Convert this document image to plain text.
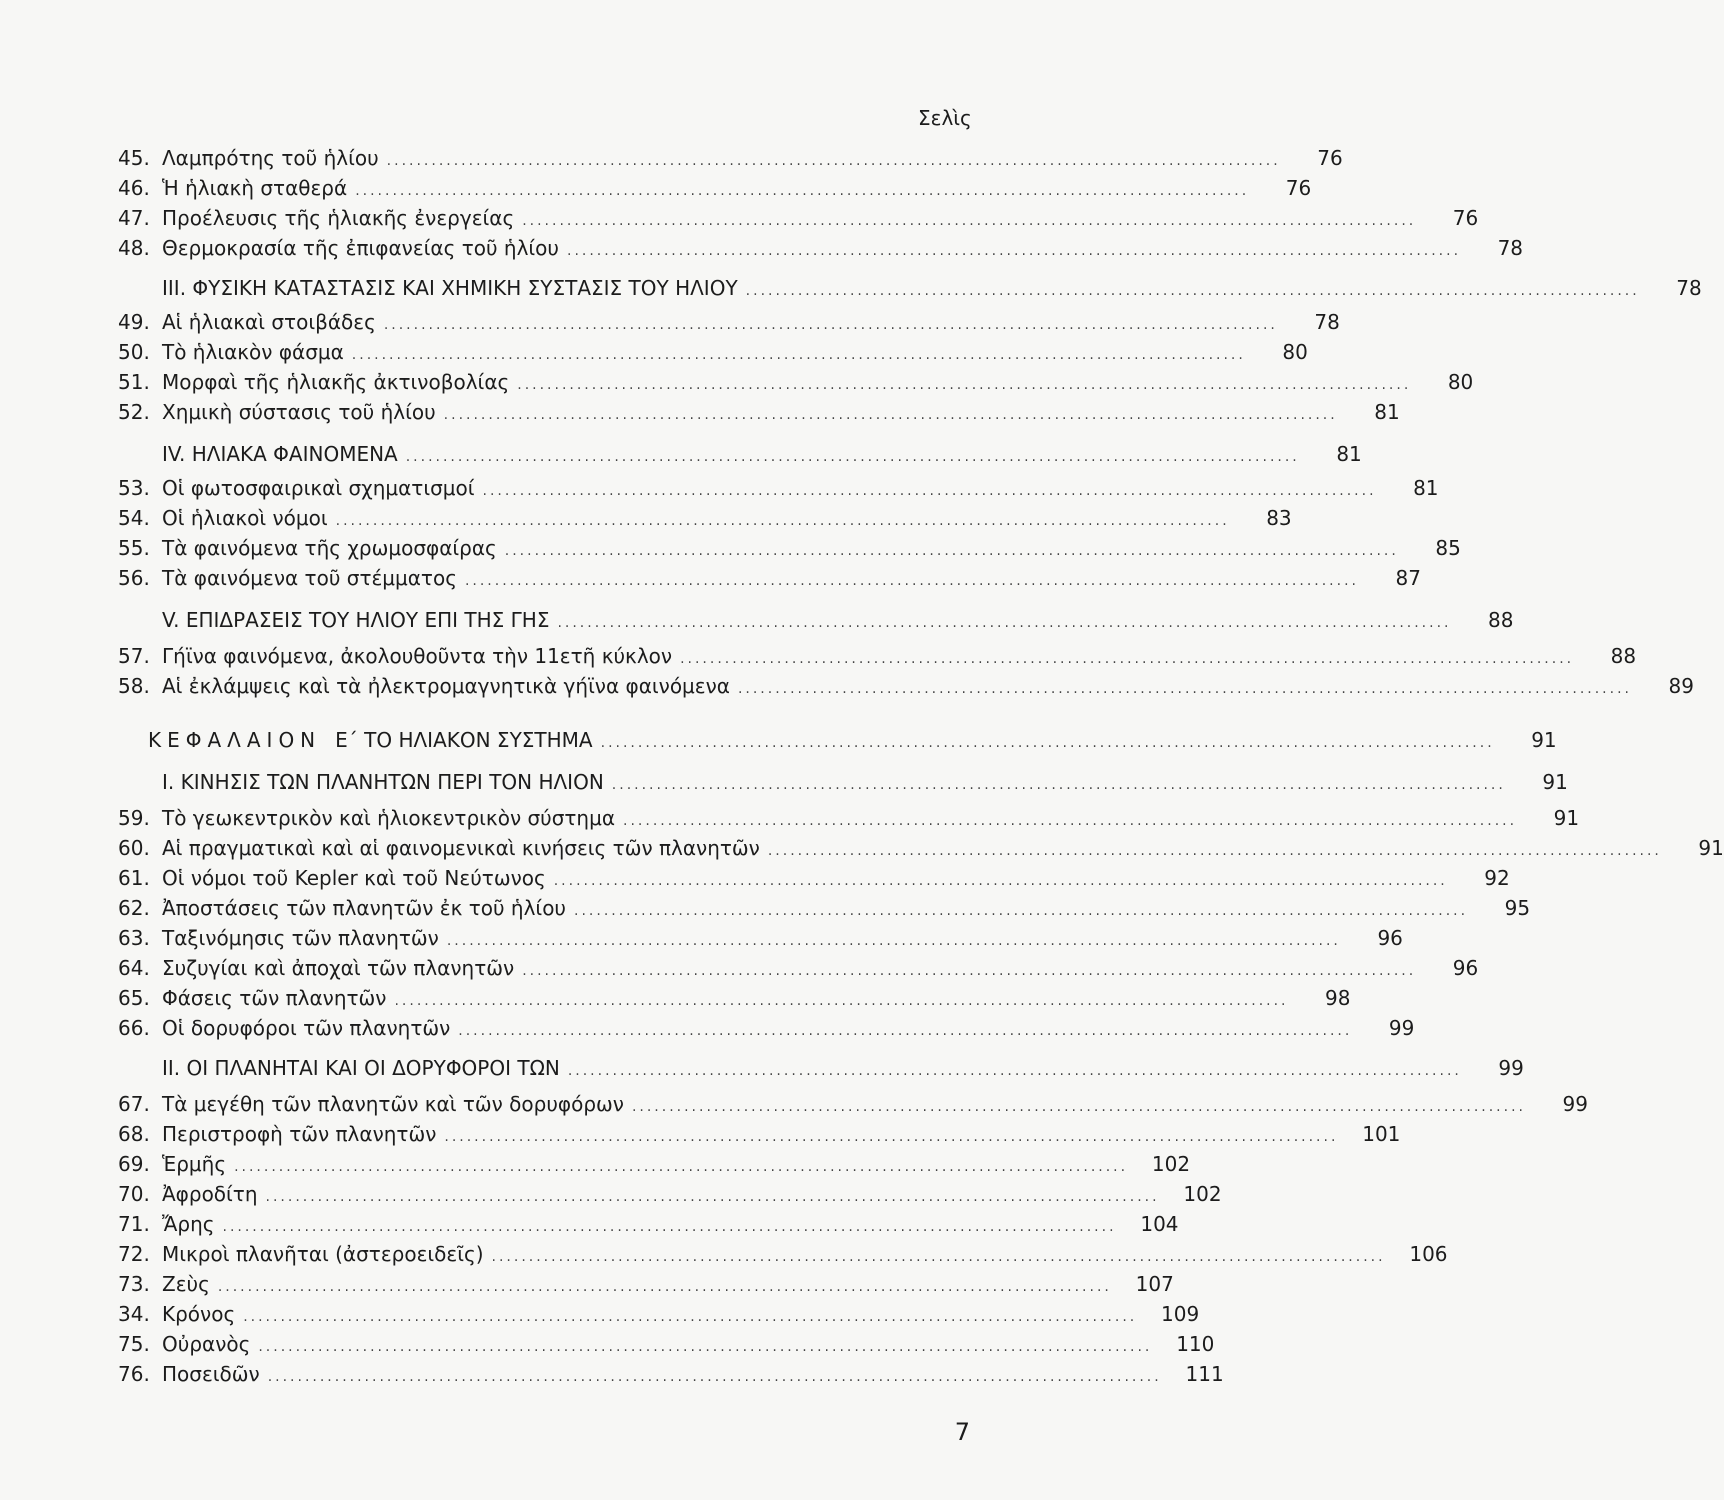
Σελὶς
45. Λαμπρότης τοῦ ἡλίου ........................................................................................................................	76
46. Ἡ ἡλιακὴ σταθερά ........................................................................................................................	76
47. Προέλευσις τῆς ἡλιακῆς ἐνεργείας ........................................................................................................................	76
48. Θερμοκρασία τῆς ἐπιφανείας τοῦ ἡλίου ........................................................................................................................	78
III. ΦΥΣΙΚΗ ΚΑΤΑΣΤΑΣΙΣ ΚΑΙ ΧΗΜΙΚΗ ΣΥΣΤΑΣΙΣ ΤΟΥ ΗΛΙΟΥ ........................................................................................................................	78
49. Αἱ ἡλιακαὶ στοιβάδες ........................................................................................................................	78
50. Τὸ ἡλιακὸν φάσμα ........................................................................................................................	80
51. Μορφαὶ τῆς ἡλιακῆς ἀκτινοβολίας ........................................................................................................................	80
52. Χημικὴ σύστασις τοῦ ἡλίου ........................................................................................................................	81
IV. ΗΛΙΑΚΑ ΦΑΙΝΟΜΕΝΑ ........................................................................................................................	81
53. Οἱ φωτοσφαιρικαὶ σχηματισμοί ........................................................................................................................	81
54. Οἱ ἡλιακοὶ νόμοι ........................................................................................................................	83
55. Τὰ φαινόμενα τῆς χρωμοσφαίρας ........................................................................................................................	85
56. Τὰ φαινόμενα τοῦ στέμματος ........................................................................................................................	87
V. ΕΠΙΔΡΑΣΕΙΣ ΤΟΥ ΗΛΙΟΥ ΕΠΙ ΤΗΣ ΓΗΣ ........................................................................................................................	88
57. Γήϊνα φαινόμενα, ἀκολουθοῦντα τὴν 11ετῆ κύκλον ........................................................................................................................	88
58. Αἱ ἐκλάμψεις καὶ τὰ ἠλεκτρομαγνητικὰ γήϊνα φαινόμενα ........................................................................................................................	89
ΚΕΦΑΛΑΙΟΝ Ε΄ ΤΟ ΗΛΙΑΚΟΝ ΣΥΣΤΗΜΑ ........................................................................................................................	91
I. ΚΙΝΗΣΙΣ ΤΩΝ ΠΛΑΝΗΤΩΝ ΠΕΡΙ ΤΟΝ ΗΛΙΟΝ ........................................................................................................................	91
59. Τὸ γεωκεντρικὸν καὶ ἡλιοκεντρικὸν σύστημα ........................................................................................................................	91
60. Αἱ πραγματικαὶ καὶ αἱ φαινομενικαὶ κινήσεις τῶν πλανητῶν ........................................................................................................................	91
61. Οἱ νόμοι τοῦ Kepler καὶ τοῦ Νεύτωνος ........................................................................................................................	92
62. Ἀποστάσεις τῶν πλανητῶν ἐκ τοῦ ἡλίου ........................................................................................................................	95
63. Ταξινόμησις τῶν πλανητῶν ........................................................................................................................	96
64. Συζυγίαι καὶ ἀποχαὶ τῶν πλανητῶν ........................................................................................................................	96
65. Φάσεις τῶν πλανητῶν ........................................................................................................................	98
66. Οἱ δορυφόροι τῶν πλανητῶν ........................................................................................................................	99
II. ΟΙ ΠΛΑΝΗΤΑΙ ΚΑΙ ΟΙ ΔΟΡΥΦΟΡΟΙ ΤΩΝ ........................................................................................................................	99
67. Τὰ μεγέθη τῶν πλανητῶν καὶ τῶν δορυφόρων ........................................................................................................................	99
68. Περιστροφὴ τῶν πλανητῶν ........................................................................................................................	101
69. Ἑρμῆς ........................................................................................................................	102
70. Ἀφροδίτη ........................................................................................................................	102
71. Ἄρης ........................................................................................................................	104
72. Μικροὶ πλανῆται (ἀστεροειδεῖς) ........................................................................................................................	106
73. Ζεὺς ........................................................................................................................	107
34. Κρόνος ........................................................................................................................	109
75. Οὐρανὸς ........................................................................................................................	110
76. Ποσειδῶν ........................................................................................................................	111
7
